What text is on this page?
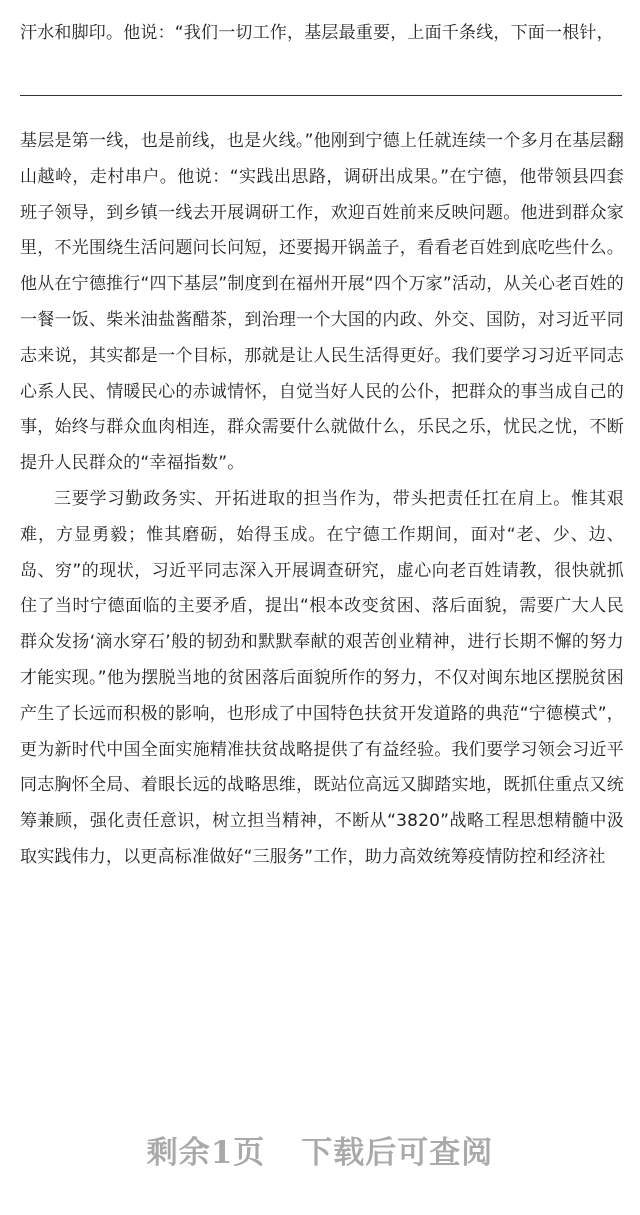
汗水和脚印。他说：“我们一切工作，基层最重要，上面千条线，下面一根针，

基层是第一线，也是前线，也是火线。”他刚到宁德上任就连续一个多月在基层翻山越岭，走村串户。他说：“实践出思路，调研出成果。”在宁德，他带领县四套班子领导，到乡镇一线去开展调研工作，欢迎百姓前来反映问题。他进到群众家里，不光围绕生活问题问长问短，还要揭开锅盖子，看看老百姓到底吃些什么。他从在宁德推行“四下基层”制度到在福州开展“四个万家”活动，从关心老百姓的一餐一饭、柴米油盐酱醋茶，到治理一个大国的内政、外交、国防，对习近平同志来说，其实都是一个目标，那就是让人民生活得更好。我们要学习习近平同志心系人民、情暖民心的赤诚情怀，自觉当好人民的公仆，把群众的事当成自己的事，始终与群众血肉相连，群众需要什么就做什么，乐民之乐，忧民之忧，不断提升人民群众的“幸福指数”。

三要学习勤政务实、开拓进取的担当作为，带头把责任扛在肩上。惟其艰难，方显勇毅；惟其磨砺，始得玉成。在宁德工作期间，面对“老、少、边、岛、穷”的现状，习近平同志深入开展调查研究，虚心向老百姓请教，很快就抓住了当时宁德面临的主要矛盾，提出“根本改变贫困、落后面貌，需要广大人民群众发扬‘滴水穿石’般的韧劲和默默奉献的艰苦创业精神，进行长期不懈的努力才能实现。”他为摆脱当地的贫困落后面貌所作的努力，不仅对闽东地区摆脱贫困产生了长远而积极的影响，也形成了中国特色扶贫开发道路的典范“宁德模式”，更为新时代中国全面实施精准扶贫战略提供了有益经验。我们要学习领会习近平同志胸怀全局、着眼长远的战略思维，既站位高远又脚踏实地，既抓住重点又统筹兼顾，强化责任意识，树立担当精神，不断从“3820”战略工程思想精髓中汲取实践伟力，以更高标准做好“三服务”工作，助力高效统筹疫情防控和经济社

剩余1页 下载后可查阅
